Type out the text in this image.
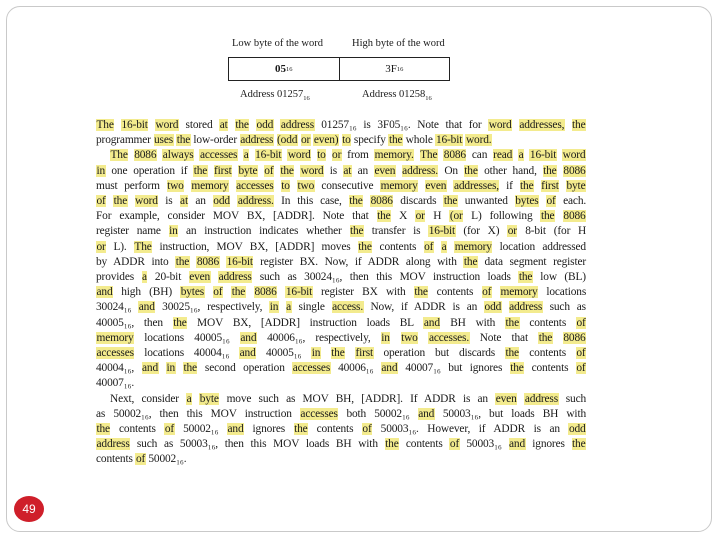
Low byte of the word	High byte of the word
05 16	3F 16
Address $01257_{16}$	Address $01258_{16}$
The 16-bit word stored at the odd address 01257₁₆ is 3F05₁₆. Note that for word addresses, the
programmer uses the low-order address (odd or even) to specify the whole 16-bit word.
The 8086 always accesses a 16-bit word to or from memory. The 8086 can read a 16-bit word
in one operation if the first byte of the word is at an even address. On the other hand, the 8086
must perform two memory accesses to two consecutive memory even addresses, if the first byte
of the word is at an odd address. In this case, the 8086 discards the unwanted bytes of each.
For example, consider MOV BX, [ADDR]. Note that the X or H (or L) following the 8086
register name in an instruction indicates whether the transfer is 16-bit (for X) or 8-bit (for H
or L). The instruction, MOV BX, [ADDR] moves the contents of a memory location addressed
by ADDR into the 8086 16-bit register BX. Now, if ADDR along with the data segment register
provides a 20-bit even address such as 30024₁₆, then this MOV instruction loads the low (BL)
and high (BH) bytes of the 8086 16-bit register BX with the contents of memory locations
30024₁₆ and 30025₁₆, respectively, in a single access. Now, if ADDR is an odd address such as
40005₁₆, then the MOV BX, [ADDR] instruction loads BL and BH with the contents of
memory locations 40005₁₆ and 40006₁₆, respectively, in two accesses. Note that the 8086
accesses locations 40004₁₆ and 40005₁₆ in the first operation but discards the contents of
40004₁₆, and in the second operation accesses 40006₁₆ and 40007₁₆ but ignores the contents of
40007₁₆.
Next, consider a byte move such as MOV BH, [ADDR]. If ADDR is an even address such
as 50002₁₆, then this MOV instruction accesses both 50002₁₆ and 50003₁₆, but loads BH with
the contents of 50002₁₆ and ignores the contents of 50003₁₆. However, if ADDR is an odd
address such as 50003₁₆, then this MOV loads BH with the contents of 50003₁₆ and ignores the
contents of 50002₁₆.
49
